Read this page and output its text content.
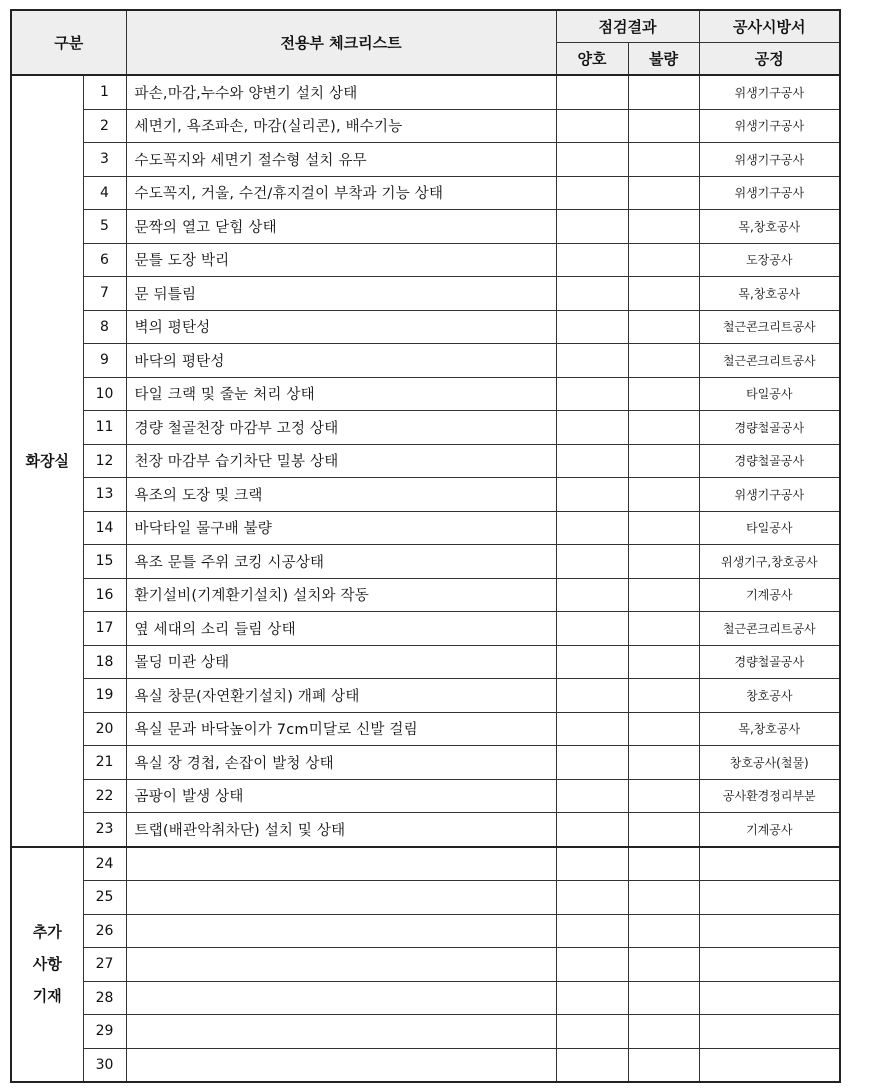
구분		전용부 체크리스트	점검결과		공사시방서
			양호	불량	공정
화장실	1	파손,마감,누수와 양변기 설치 상태			위생기구공사
	2	세면기, 욕조파손, 마감(실리콘), 배수기능			위생기구공사
	3	수도꼭지와 세면기 절수형 설치 유무			위생기구공사
	4	수도꼭지, 거울, 수건/휴지걸이 부착과 기능 상태			위생기구공사
	5	문짝의 열고 닫힘 상태			목,창호공사
	6	문틀 도장 박리			도장공사
	7	문 뒤틀림			목,창호공사
	8	벽의 평탄성			철근콘크리트공사
	9	바닥의 평탄성			철근콘크리트공사
	10	타일 크랙 및 줄눈 처리 상태			타일공사
	11	경량 철골천장 마감부 고정 상태			경량철골공사
	12	천장 마감부 습기차단 밀봉 상태			경량철골공사
	13	욕조의 도장 및 크랙			위생기구공사
	14	바닥타일 물구배 불량			타일공사
	15	욕조 문틀 주위 코킹 시공상태			위생기구,창호공사
	16	환기설비(기계환기설치) 설치와 작동			기계공사
	17	옆 세대의 소리 들림 상태			철근콘크리트공사
	18	몰딩 미관 상태			경량철골공사
	19	욕실 창문(자연환기설치) 개폐 상태			창호공사
	20	욕실 문과 바닥높이가 7cm미달로 신발 걸림			목,창호공사
	21	욕실 장 경첩, 손잡이 발청 상태			창호공사(철물)
	22	곰팡이 발생 상태			공사환경정리부분
	23	트랩(배관악취차단) 설치 및 상태			기계공사

추가
사항
기재	24				
	25				
	26				
	27				
	28				
	29				
	30				
